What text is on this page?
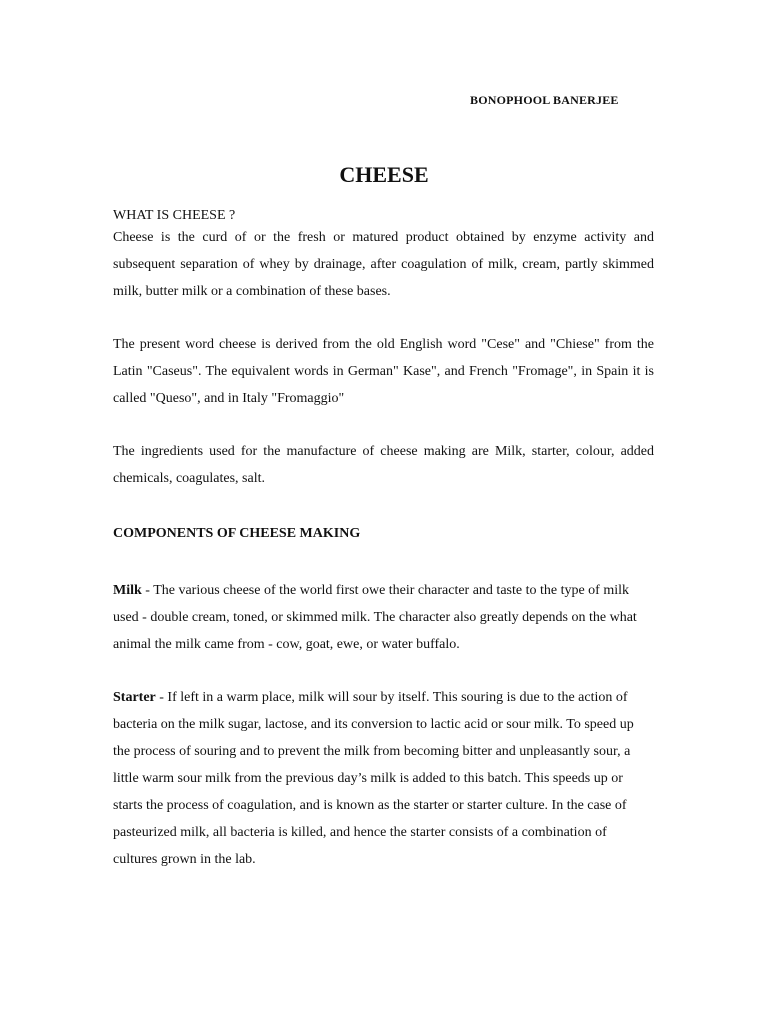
BONOPHOOL BANERJEE
CHEESE
WHAT IS CHEESE ?

Cheese is the curd of or the fresh or matured product obtained by enzyme activity and subsequent separation of whey by drainage, after coagulation of milk, cream, partly skimmed milk, butter milk or a combination of these bases.

The present word cheese is derived from the old English word "Cese" and "Chiese" from the Latin "Caseus". The equivalent words in German" Kase", and French "Fromage", in Spain it is called "Queso", and in Italy "Fromaggio"

The ingredients used for the manufacture of cheese making are Milk, starter, colour, added chemicals, coagulates, salt.

COMPONENTS OF CHEESE MAKING

Milk - The various cheese of the world first owe their character and taste to the type of milk used - double cream, toned, or skimmed milk. The character also greatly depends on the what animal the milk came from - cow, goat, ewe, or water buffalo.

Starter - If left in a warm place, milk will sour by itself. This souring is due to the action of bacteria on the milk sugar, lactose, and its conversion to lactic acid or sour milk. To speed up the process of souring and to prevent the milk from becoming bitter and unpleasantly sour, a little warm sour milk from the previous day’s milk is added to this batch. This speeds up or starts the process of coagulation, and is known as the starter or starter culture. In the case of pasteurized milk, all bacteria is killed, and hence the starter consists of a combination of cultures grown in the lab.
